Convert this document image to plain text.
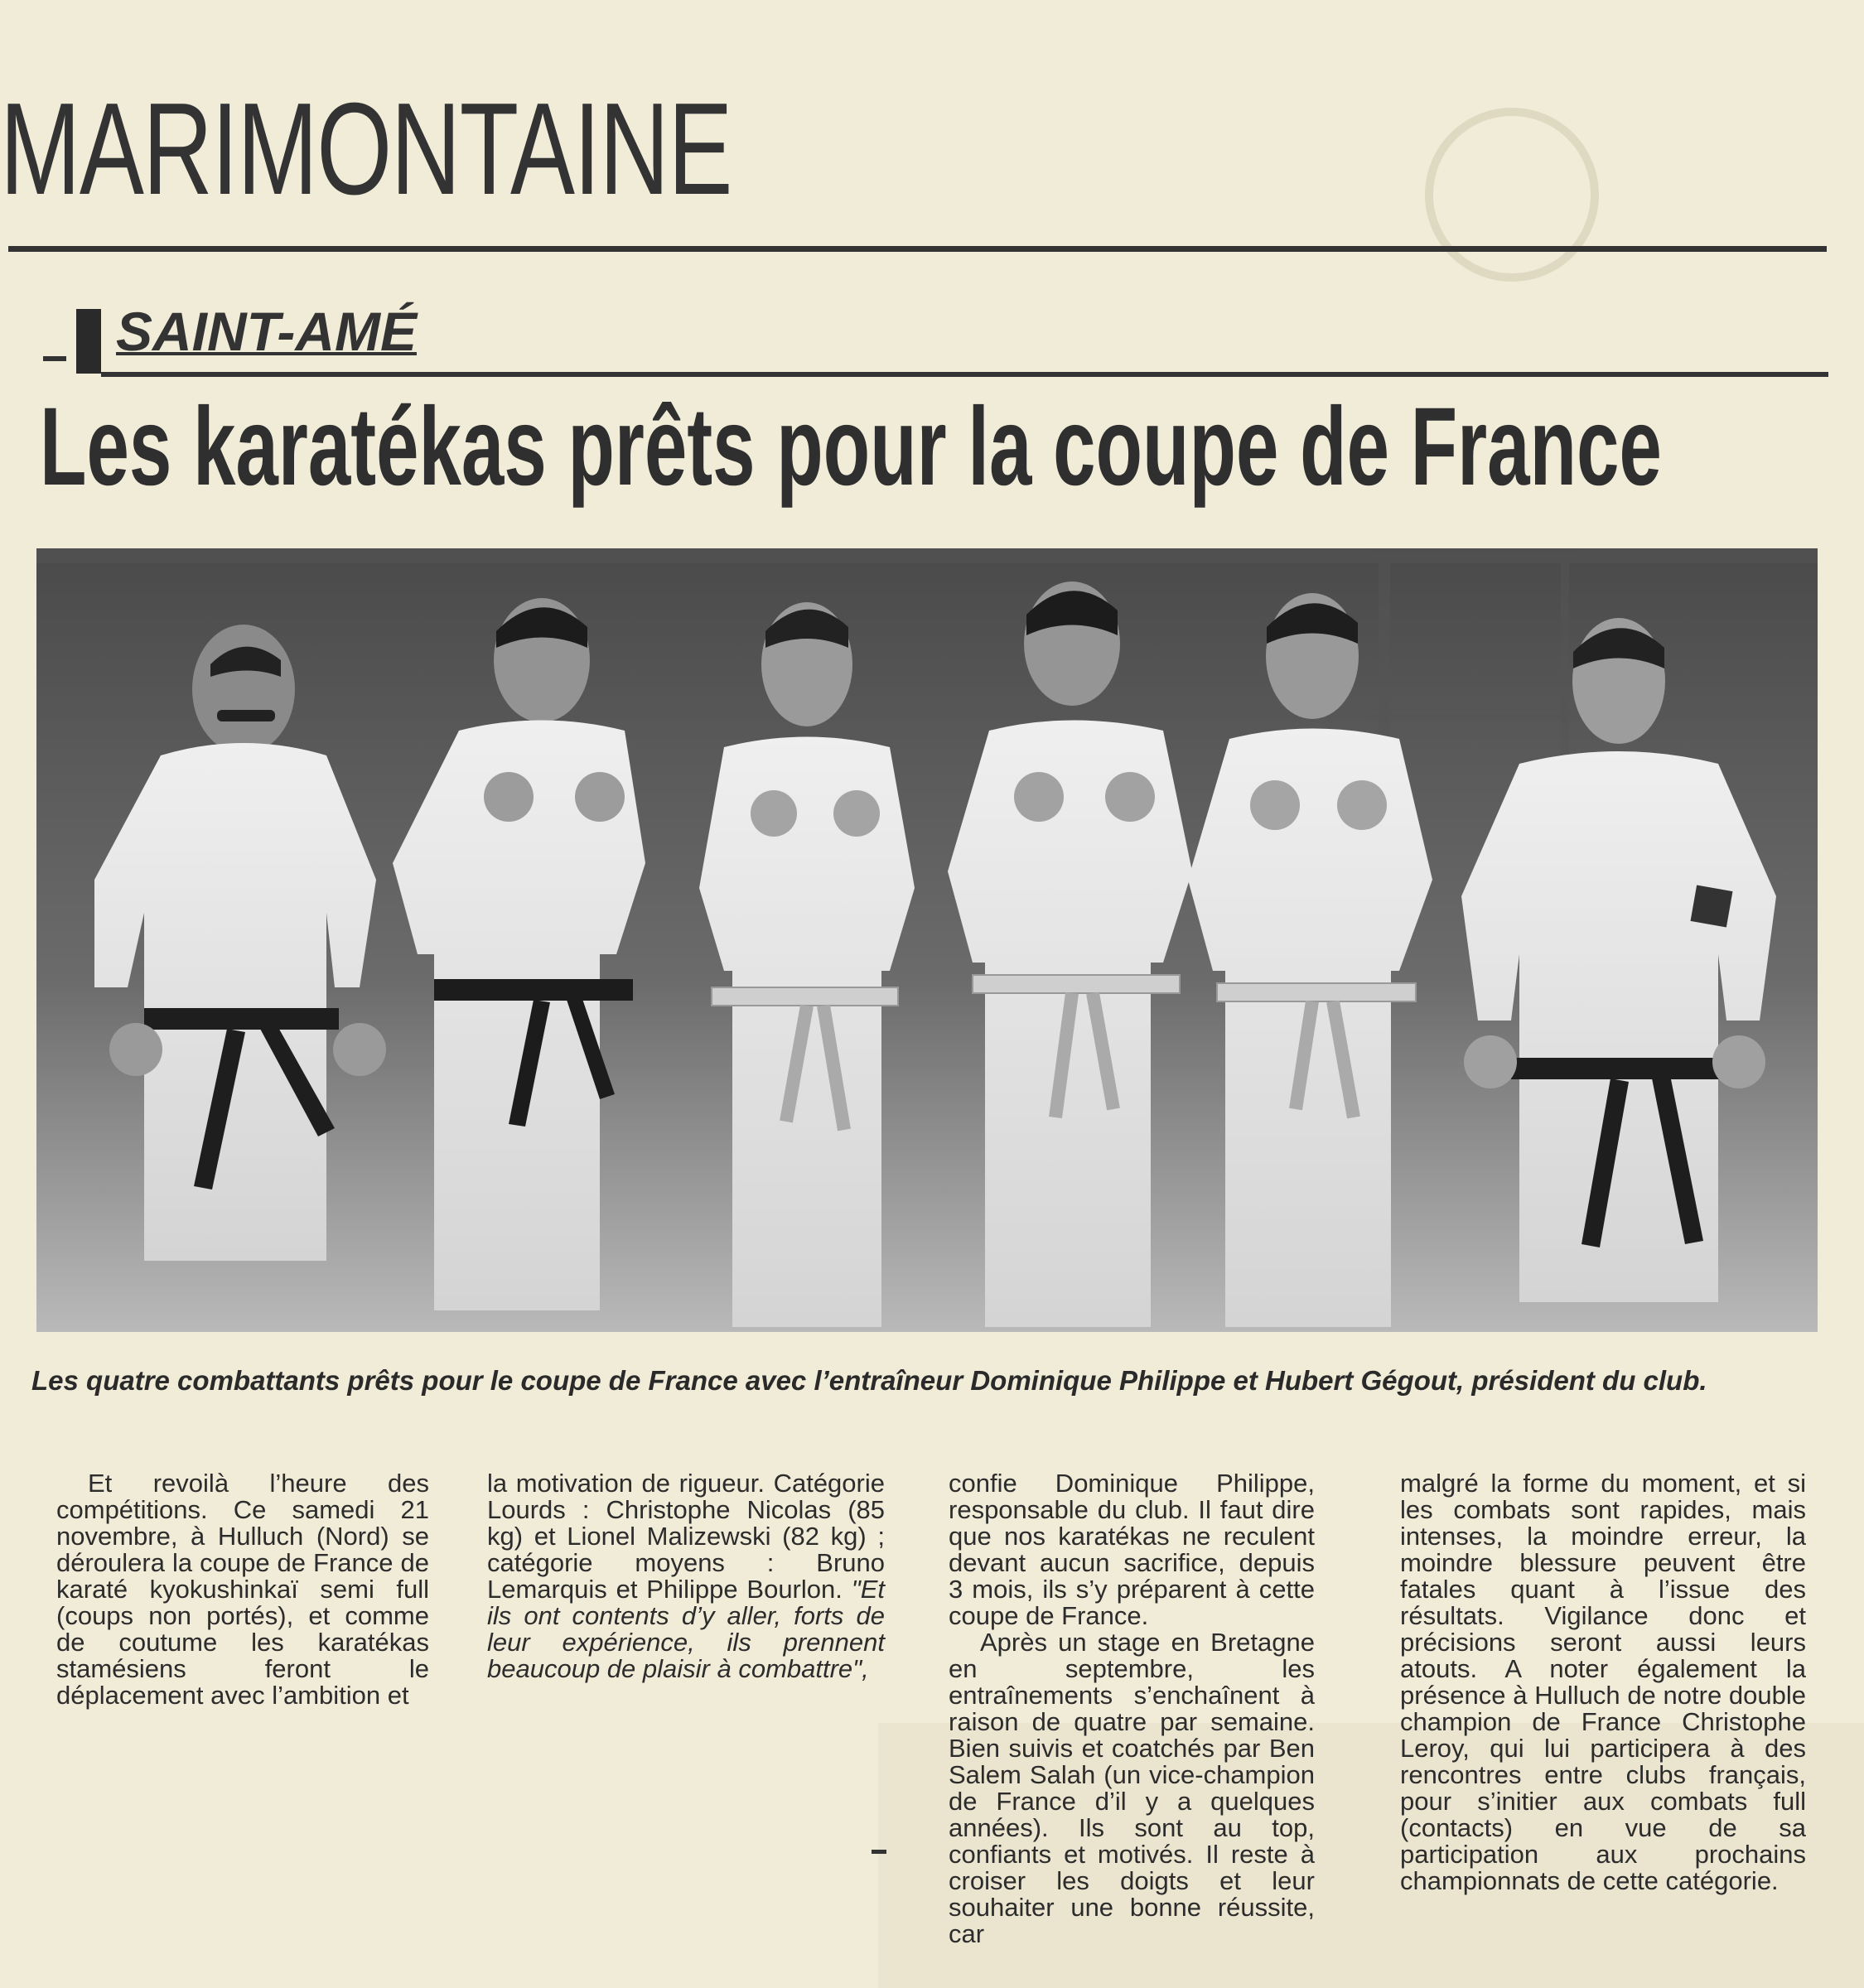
MARIMONTAINE
SAINT-AMÉ
Les karatékas prêts pour la coupe de France
Les quatre combattants prêts pour le coupe de France avec l’entraîneur Dominique Philippe et Hubert Gégout, président du club.

Et revoilà l’heure des compétitions. Ce samedi 21 novembre, à Hulluch (Nord) se déroulera la coupe de France de karaté kyokushinkaï semi full (coups non portés), et comme de coutume les karatékas stamésiens feront le déplacement avec l’ambition et

la motivation de rigueur. Catégorie Lourds : Christophe Nicolas (85 kg) et Lionel Malizewski (82 kg) ; catégorie moyens : Bruno Lemarquis et Philippe Bourlon. "Et ils ont contents d’y aller, forts de leur expérience, ils prennent beaucoup de plaisir à combattre",

confie Dominique Philippe, responsable du club. Il faut dire que nos karatékas ne reculent devant aucun sacrifice, depuis 3 mois, ils s’y préparent à cette coupe de France.

Après un stage en Bretagne en septembre, les entraînements s’enchaînent à raison de quatre par semaine. Bien suivis et coatchés par Ben Salem Salah (un vice-champion de France d’il y a quelques années). Ils sont au top, confiants et motivés. Il reste à croiser les doigts et leur souhaiter une bonne réussite, car

malgré la forme du moment, et si les combats sont rapides, mais intenses, la moindre erreur, la moindre blessure peuvent être fatales quant à l’issue des résultats. Vigilance donc et précisions seront aussi leurs atouts. A noter également la présence à Hulluch de notre double champion de France Christophe Leroy, qui lui participera à des rencontres entre clubs français, pour s’initier aux combats full (contacts) en vue de sa participation aux prochains championnats de cette catégorie.
